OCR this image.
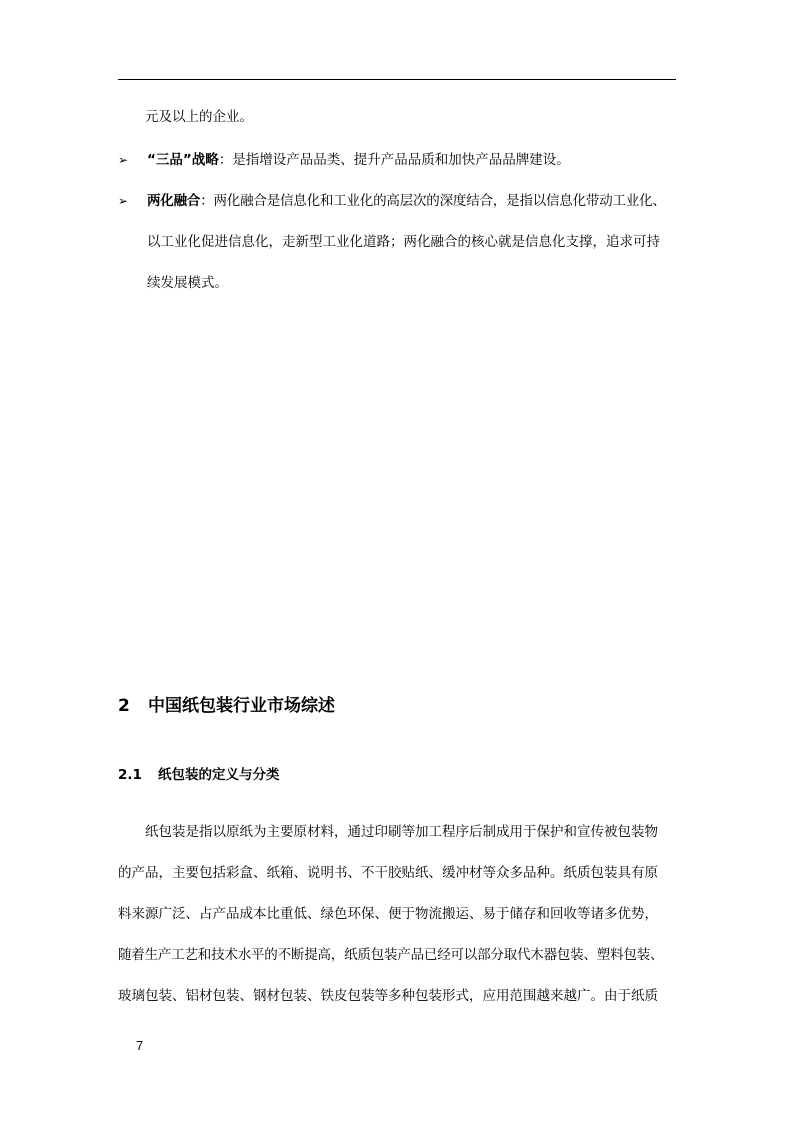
元及以上的企业。
➢ “三品”战略：是指增设产品品类、提升产品品质和加快产品品牌建设。
➢ 两化融合：两化融合是信息化和工业化的高层次的深度结合，是指以信息化带动工业化、
以工业化促进信息化，走新型工业化道路；两化融合的核心就是信息化支撑，追求可持
续发展模式。
2 中国纸包装行业市场综述
2.1 纸包装的定义与分类
纸包装是指以原纸为主要原材料，通过印刷等加工程序后制成用于保护和宣传被包装物
的产品，主要包括彩盒、纸箱、说明书、不干胶贴纸、缓冲材等众多品种。纸质包装具有原
料来源广泛、占产品成本比重低、绿色环保、便于物流搬运、易于储存和回收等诸多优势，
随着生产工艺和技术水平的不断提高，纸质包装产品已经可以部分取代木器包装、塑料包装、
玻璃包装、铝材包装、钢材包装、铁皮包装等多种包装形式，应用范围越来越广。由于纸质
7
